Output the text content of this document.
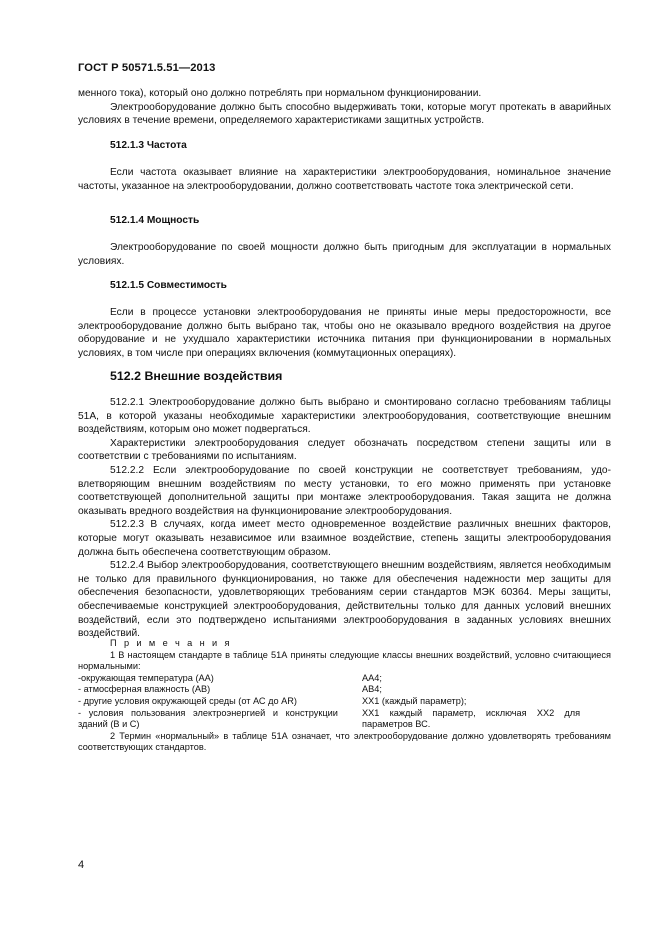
ГОСТ Р 50571.5.51—2013

менного тока), который оно должно потреблять при нормальном функционировании.

Электрооборудование должно быть способно выдерживать токи, которые могут протекать в аварийных условиях в течение времени, определяемого характеристиками защитных устройств.

512.1.3 Частота

Если частота оказывает влияние на характеристики электрооборудования, номинальное значение частоты, указанное на электрооборудовании, должно соответствовать частоте тока электрической сети.

512.1.4 Мощность

Электрооборудование по своей мощности должно быть пригодным для эксплуатации в нормальных условиях.

512.1.5 Совместимость

Если в процессе установки электрооборудования не приняты иные меры предосторожности, все электрооборудование должно быть выбрано так, чтобы оно не оказывало вредного воздействия на другое оборудование и не ухудшало характеристики источника питания при функционировании в нормальных условиях, в том числе при операциях включения (коммутационных операциях).

512.2 Внешние воздействия

512.2.1 Электрооборудование должно быть выбрано и смонтировано согласно требованиям таблицы 51А, в которой указаны необходимые характеристики электрооборудования, соответствующие внешним воздействиям, которым оно может подвергаться.

Характеристики электрооборудования следует обозначать посредством степени защиты или в соответствии с требованиями по испытаниям.

512.2.2 Если электрооборудование по своей конструкции не соответствует требованиям, удовлетворяющим внешним воздействиям по месту установки, то его можно применять при установке соответствующей дополнительной защиты при монтаже электрооборудования. Такая защита не должна оказывать вредного воздействия на функционирование электрооборудования.

512.2.3 В случаях, когда имеет место одновременное воздействие различных внешних факторов, которые могут оказывать независимое или взаимное воздействие, степень защиты электрооборудования должна быть обеспечена соответствующим образом.

512.2.4 Выбор электрооборудования, соответствующего внешним воздействиям, является необходимым не только для правильного функционирования, но также для обеспечения надежности мер защиты для обеспечения безопасности, удовлетворяющих требованиям серии стандартов МЭК 60364. Меры защиты, обеспечиваемые конструкцией электрооборудования, действительны только для данных условий внешних воздействий, если это подтверждено испытаниями электрооборудования в заданных условиях внешних воздействий.

П р и м е ч а н и я

1 В настоящем стандарте в таблице 51А приняты следующие классы внешних воздействий, условно считающиеся нормальными:

-окружающая температура (АА)	АА4;
- атмосферная влажность (АВ)	АВ4;
- другие условия окружающей среды (от АС до AR)	ХХ1 (каждый параметр);
-   условия   пользования   электроэнергией   и   конструкции	ХХ1    каждый    параметр,    исключая    ХХ2    для
зданий (В и С)	параметров ВС.

2 Термин «нормальный» в таблице 51А означает, что электрооборудование должно удовлетворять требованиям соответствующих стандартов.

4
